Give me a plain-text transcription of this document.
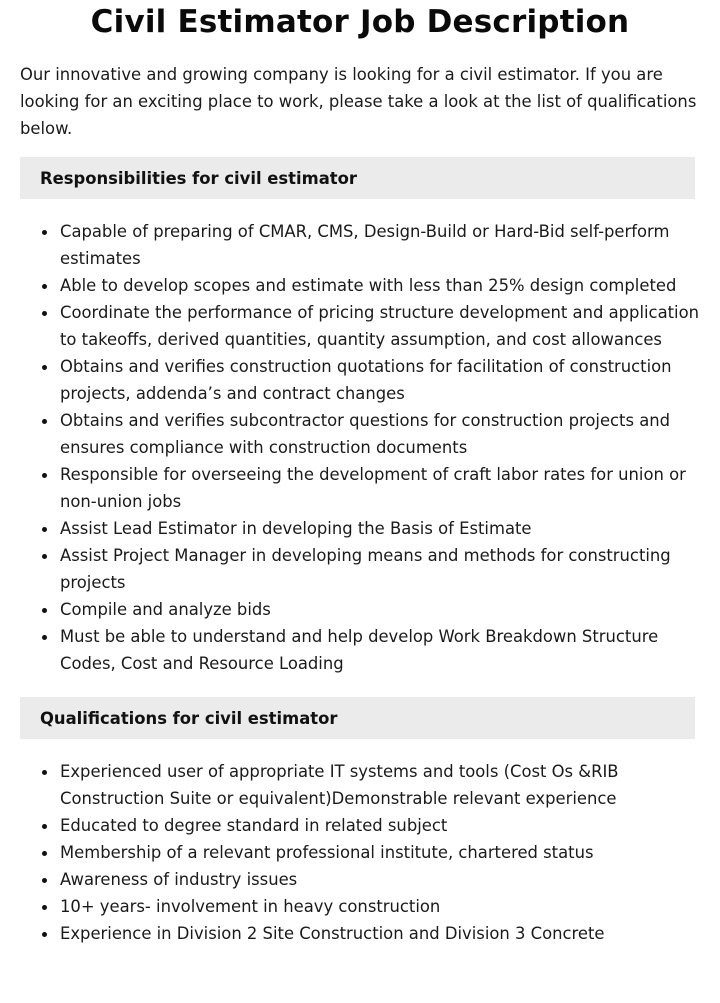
Civil Estimator Job Description

Our innovative and growing company is looking for a civil estimator. If you are looking for an exciting place to work, please take a look at the list of qualifications below.

Responsibilities for civil estimator
Capable of preparing of CMAR, CMS, Design-Build or Hard-Bid self-perform estimates
Able to develop scopes and estimate with less than 25% design completed
Coordinate the performance of pricing structure development and application to takeoffs, derived quantities, quantity assumption, and cost allowances
Obtains and verifies construction quotations for facilitation of construction projects, addenda’s and contract changes
Obtains and verifies subcontractor questions for construction projects and ensures compliance with construction documents
Responsible for overseeing the development of craft labor rates for union or non-union jobs
Assist Lead Estimator in developing the Basis of Estimate
Assist Project Manager in developing means and methods for constructing projects
Compile and analyze bids
Must be able to understand and help develop Work Breakdown Structure Codes, Cost and Resource Loading
Qualifications for civil estimator
Experienced user of appropriate IT systems and tools (Cost Os &RIB Construction Suite or equivalent)Demonstrable relevant experience
Educated to degree standard in related subject
Membership of a relevant professional institute, chartered status
Awareness of industry issues
10+ years- involvement in heavy construction
Experience in Division 2 Site Construction and Division 3 Concrete
